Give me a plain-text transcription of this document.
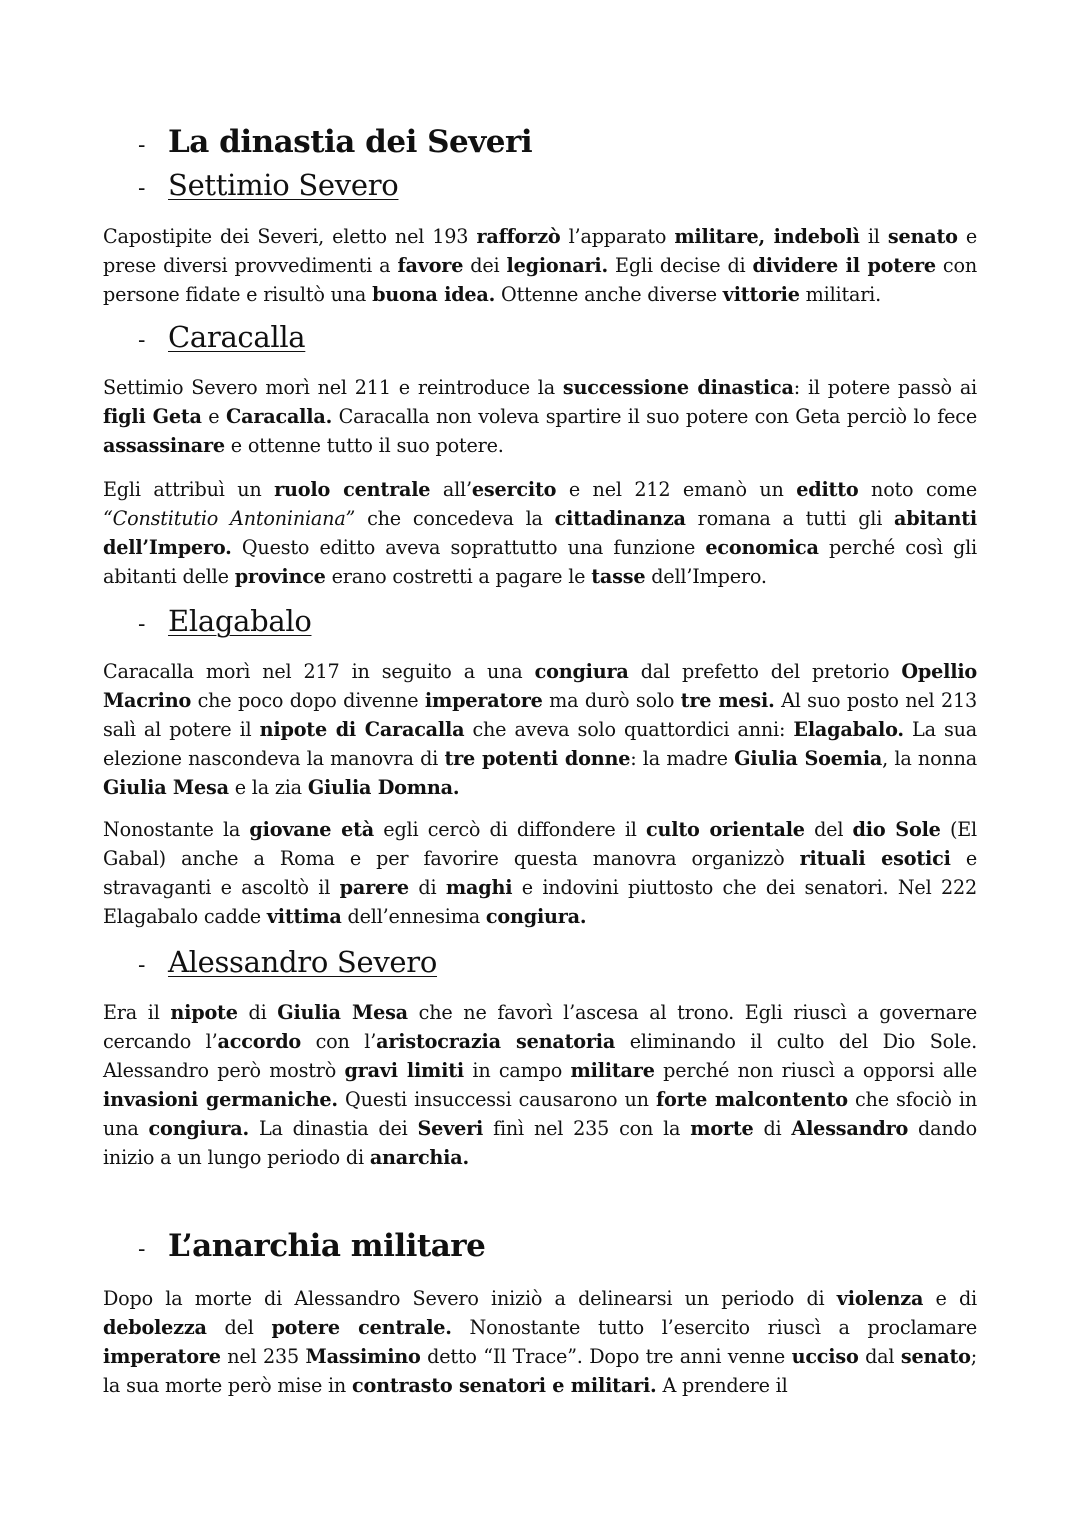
- La dinastia dei Severi
- Settimio Severo

Capostipite dei Severi, eletto nel 193 rafforzò l’apparato militare, indebolì il senato e prese diversi provvedimenti a favore dei legionari. Egli decise di dividere il potere con persone fidate e risultò una buona idea. Ottenne anche diverse vittorie militari.

- Caracalla

Settimio Severo morì nel 211 e reintroduce la successione dinastica: il potere passò ai figli Geta e Caracalla. Caracalla non voleva spartire il suo potere con Geta perciò lo fece assassinare e ottenne tutto il suo potere.

Egli attribuì un ruolo centrale all’esercito e nel 212 emanò un editto noto come “Constitutio Antoniniana” che concedeva la cittadinanza romana a tutti gli abitanti dell’Impero. Questo editto aveva soprattutto una funzione economica perché così gli abitanti delle province erano costretti a pagare le tasse dell’Impero.

- Elagabalo

Caracalla morì nel 217 in seguito a una congiura dal prefetto del pretorio Opellio Macrino che poco dopo divenne imperatore ma durò solo tre mesi. Al suo posto nel 213 salì al potere il nipote di Caracalla che aveva solo quattordici anni: Elagabalo. La sua elezione nascondeva la manovra di tre potenti donne: la madre Giulia Soemia, la nonna Giulia Mesa e la zia Giulia Domna.

Nonostante la giovane età egli cercò di diffondere il culto orientale del dio Sole (El Gabal) anche a Roma e per favorire questa manovra organizzò rituali esotici e stravaganti e ascoltò il parere di maghi e indovini piuttosto che dei senatori. Nel 222 Elagabalo cadde vittima dell’ennesima congiura.

- Alessandro Severo

Era il nipote di Giulia Mesa che ne favorì l’ascesa al trono. Egli riuscì a governare cercando l’accordo con l’aristocrazia senatoria eliminando il culto del Dio Sole. Alessandro però mostrò gravi limiti in campo militare perché non riuscì a opporsi alle invasioni germaniche. Questi insuccessi causarono un forte malcontento che sfociò in una congiura. La dinastia dei Severi finì nel 235 con la morte di Alessandro dando inizio a un lungo periodo di anarchia.

- L’anarchia militare

Dopo la morte di Alessandro Severo iniziò a delinearsi un periodo di violenza e di debolezza del potere centrale. Nonostante tutto l’esercito riuscì a proclamare imperatore nel 235 Massimino detto “Il Trace”. Dopo tre anni venne ucciso dal senato; la sua morte però mise in contrasto senatori e militari. A prendere il
